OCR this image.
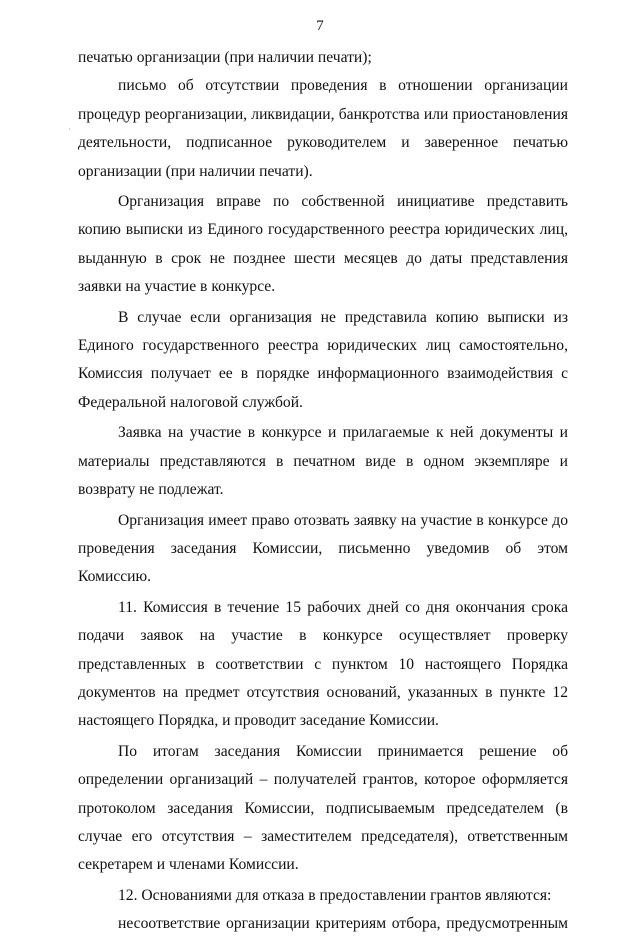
7
·

печатью организации (при наличии печати);

письмо об отсутствии проведения в отношении организации процедур реорганизации, ликвидации, банкротства или приостановления деятельности, подписанное руководителем и заверенное печатью организации (при наличии печати).

Организация вправе по собственной инициативе представить копию выписки из Единого государственного реестра юридических лиц, выданную в срок не позднее шести месяцев до даты представления заявки на участие в конкурсе.

В случае если организация не представила копию выписки из Единого государственного реестра юридических лиц самостоятельно, Комиссия получает ее в порядке информационного взаимодействия с Федеральной налоговой службой.

Заявка на участие в конкурсе и прилагаемые к ней документы и материалы представляются в печатном виде в одном экземпляре и возврату не подлежат.

Организация имеет право отозвать заявку на участие в конкурсе до проведения заседания Комиссии, письменно уведомив об этом Комиссию.

11. Комиссия в течение 15 рабочих дней со дня окончания срока подачи заявок на участие в конкурсе осуществляет проверку представленных в соответствии с пунктом 10 настоящего Порядка документов на предмет отсутствия оснований, указанных в пункте 12 настоящего Порядка, и проводит заседание Комиссии.

По итогам заседания Комиссии принимается решение об определении организаций – получателей грантов, которое оформляется протоколом заседания Комиссии, подписываемым председателем (в случае его отсутствия – заместителем председателя), ответственным секретарем и членами Комиссии.

12. Основаниями для отказа в предоставлении грантов являются:

несоответствие организации критериям отбора, предусмотренным
